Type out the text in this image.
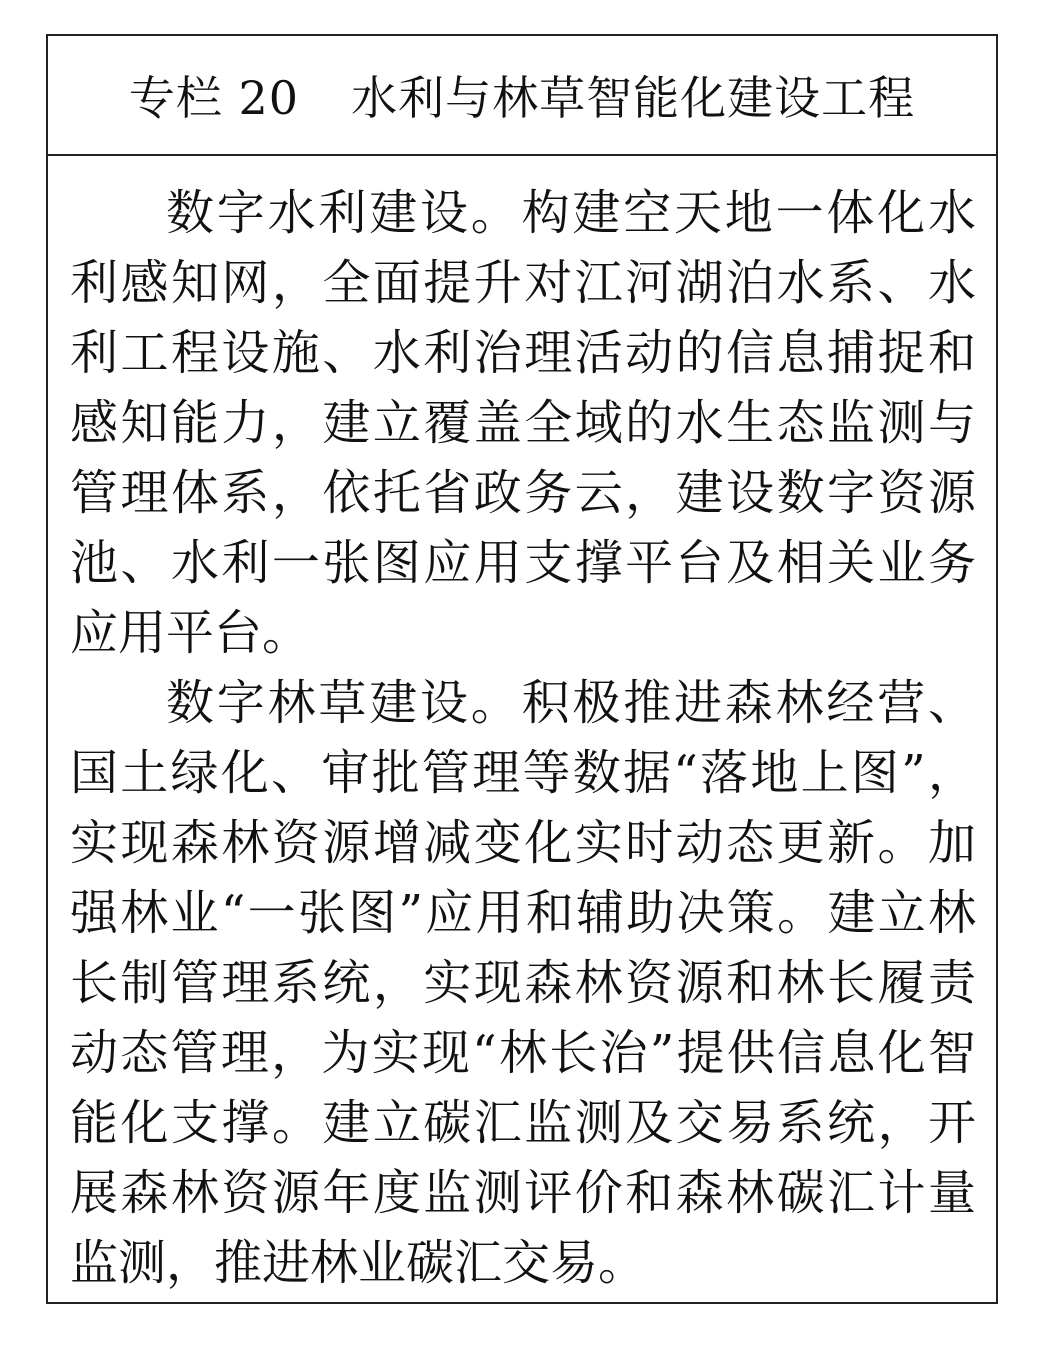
专栏 20 水利与林草智能化建设工程

数字水利建设。构建空天地一体化水利感知网，全面提升对江河湖泊水系、水利工程设施、水利治理活动的信息捕捉和感知能力，建立覆盖全域的水生态监测与管理体系，依托省政务云，建设数字资源池、水利一张图应用支撑平台及相关业务应用平台。

数字林草建设。积极推进森林经营、国土绿化、审批管理等数据“落地上图”，实现森林资源增减变化实时动态更新。加强林业“一张图”应用和辅助决策。建立林长制管理系统，实现森林资源和林长履责动态管理，为实现“林长治”提供信息化智能化支撑。建立碳汇监测及交易系统，开展森林资源年度监测评价和森林碳汇计量监测，推进林业碳汇交易。
